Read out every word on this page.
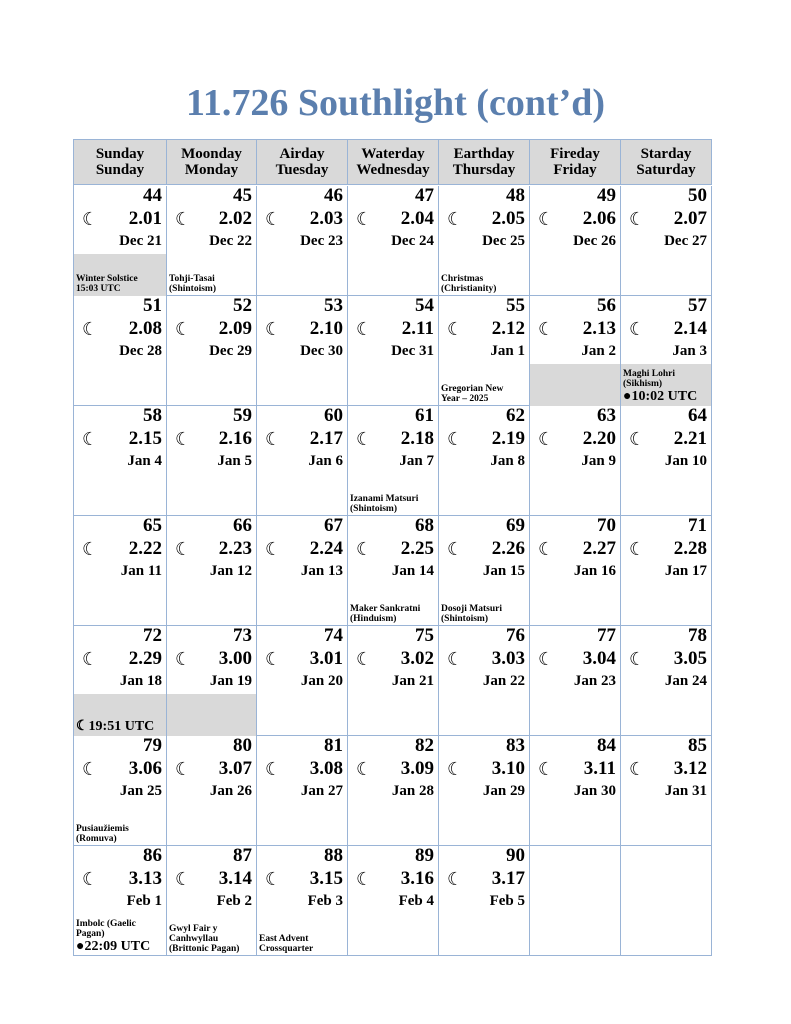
11.726 Southlight (cont’d)
Sunday
Sunday
Moonday
Monday
Airday
Tuesday
Waterday
Wednesday
Earthday
Thursday
Fireday
Friday
Starday
Saturday
44
☾ 2.01
Dec 21
Winter Solstice
15:03 UTC
45
☾ 2.02
Dec 22
Tohji-Tasai
(Shintoism)
46
☾ 2.03
Dec 23
47
☾ 2.04
Dec 24
48
☾ 2.05
Dec 25
Christmas
(Christianity)
49
☾ 2.06
Dec 26
50
☾ 2.07
Dec 27
51
☾ 2.08
Dec 28
52
☾ 2.09
Dec 29
53
☾ 2.10
Dec 30
54
☾ 2.11
Dec 31
55
☾ 2.12
Jan 1
Gregorian New
Year – 2025
56
☾ 2.13
Jan 2
57
☾ 2.14
Jan 3
Maghi Lohri
(Sikhism)
●10:02 UTC
58
☾ 2.15
Jan 4
59
☾ 2.16
Jan 5
60
☾ 2.17
Jan 6
61
☾ 2.18
Jan 7
Izanami Matsuri
(Shintoism)
62
☾ 2.19
Jan 8
63
☾ 2.20
Jan 9
64
☾ 2.21
Jan 10
65
☾ 2.22
Jan 11
66
☾ 2.23
Jan 12
67
☾ 2.24
Jan 13
68
☾ 2.25
Jan 14
Maker Sankratni
(Hinduism)
69
☾ 2.26
Jan 15
Dosoji Matsuri
(Shintoism)
70
☾ 2.27
Jan 16
71
☾ 2.28
Jan 17
72
☾ 2.29
Jan 18
☾19:51 UTC
73
☾ 3.00
Jan 19
74
☾ 3.01
Jan 20
75
☾ 3.02
Jan 21
76
☾ 3.03
Jan 22
77
☾ 3.04
Jan 23
78
☾ 3.05
Jan 24
79
☾ 3.06
Jan 25
Pusiaužiemis
(Romuva)
80
☾ 3.07
Jan 26
81
☾ 3.08
Jan 27
82
☾ 3.09
Jan 28
83
☾ 3.10
Jan 29
84
☾ 3.11
Jan 30
85
☾ 3.12
Jan 31
86
☾ 3.13
Feb 1
Imbolc (Gaelic
Pagan)
●22:09 UTC
87
☾ 3.14
Feb 2
Gwyl Fair y
Canhwyllau
(Brittonic Pagan)
88
☾ 3.15
Feb 3
East Advent
Crossquarter
89
☾ 3.16
Feb 4
90
☾ 3.17
Feb 5
